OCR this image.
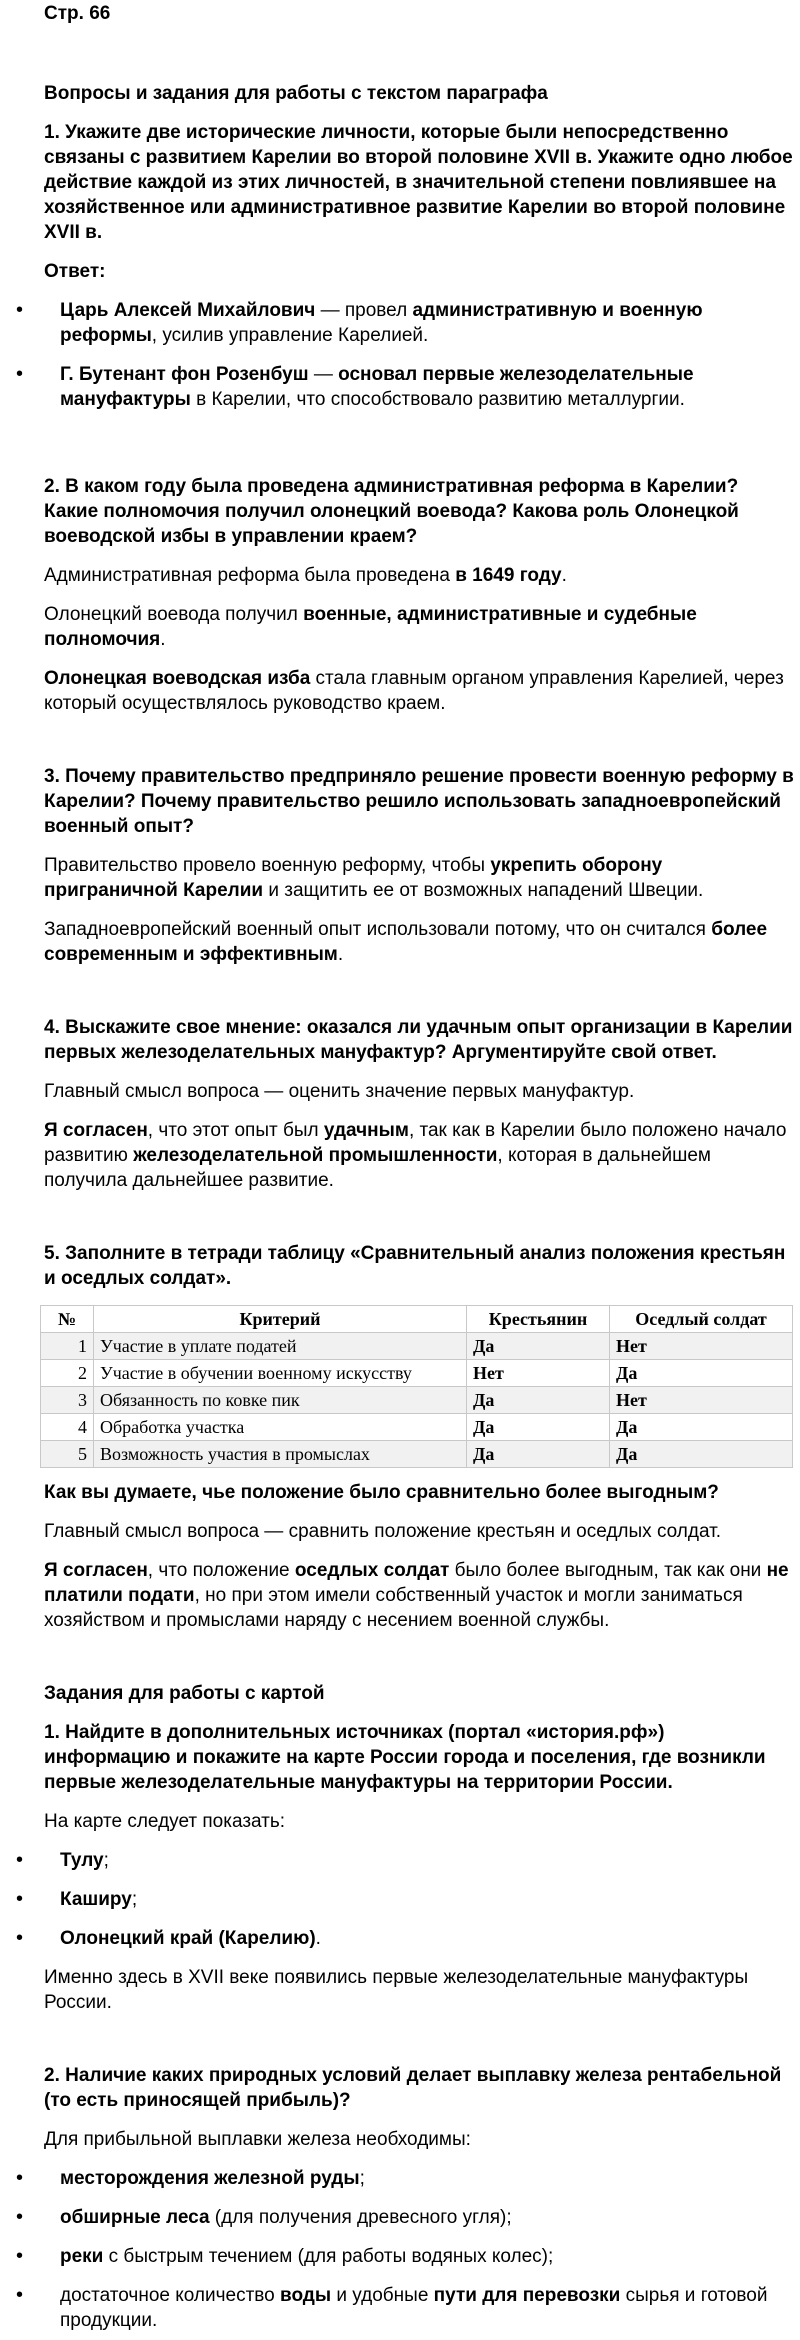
Стр. 66

Вопросы и задания для работы с текстом параграфа

1. Укажите две исторические личности, которые были непосредственно связаны с развитием Карелии во второй половине XVII в. Укажите одно любое действие каждой из этих личностей, в значительной степени повлиявшее на хозяйственное или административное развитие Карелии во второй половине XVII в.

Ответ:

• Царь Алексей Михайлович — провел административную и военную реформы, усилив управление Карелией.
• Г. Бутенант фон Розенбуш — основал первые железоделательные мануфактуры в Карелии, что способствовало развитию металлургии.

2. В каком году была проведена административная реформа в Карелии? Какие полномочия получил олонецкий воевода? Какова роль Олонецкой воеводской избы в управлении краем?

Административная реформа была проведена в 1649 году.

Олонецкий воевода получил военные, административные и судебные полномочия.

Олонецкая воеводская изба стала главным органом управления Карелией, через который осуществлялось руководство краем.

3. Почему правительство предприняло решение провести военную реформу в Карелии? Почему правительство решило использовать западноевропейский военный опыт?

Правительство провело военную реформу, чтобы укрепить оборону приграничной Карелии и защитить ее от возможных нападений Швеции.

Западноевропейский военный опыт использовали потому, что он считался более современным и эффективным.

4. Выскажите свое мнение: оказался ли удачным опыт организации в Карелии первых железоделательных мануфактур? Аргументируйте свой ответ.

Главный смысл вопроса — оценить значение первых мануфактур.

Я согласен, что этот опыт был удачным, так как в Карелии было положено начало развитию железоделательной промышленности, которая в дальнейшем получила дальнейшее развитие.

5. Заполните в тетради таблицу «Сравнительный анализ положения крестьян и оседлых солдат».

№	Критерий	Крестьянин	Оседлый солдат
1	Участие в уплате податей	Да	Нет
2	Участие в обучении военному искусству	Нет	Да
3	Обязанность по ковке пик	Да	Нет
4	Обработка участка	Да	Да
5	Возможность участия в промыслах	Да	Да

Как вы думаете, чье положение было сравнительно более выгодным?

Главный смысл вопроса — сравнить положение крестьян и оседлых солдат.

Я согласен, что положение оседлых солдат было более выгодным, так как они не платили подати, но при этом имели собственный участок и могли заниматься хозяйством и промыслами наряду с несением военной службы.

Задания для работы с картой

1. Найдите в дополнительных источниках (портал «история.рф») информацию и покажите на карте России города и поселения, где возникли первые железоделательные мануфактуры на территории России.

На карте следует показать:

• Тулу;
• Каширу;
• Олонецкий край (Карелию).

Именно здесь в XVII веке появились первые железоделательные мануфактуры России.

2. Наличие каких природных условий делает выплавку железа рентабельной (то есть приносящей прибыль)?

Для прибыльной выплавки железа необходимы:

• месторождения железной руды;
• обширные леса (для получения древесного угля);
• реки с быстрым течением (для работы водяных колес);
• достаточное количество воды и удобные пути для перевозки сырья и готовой продукции.
